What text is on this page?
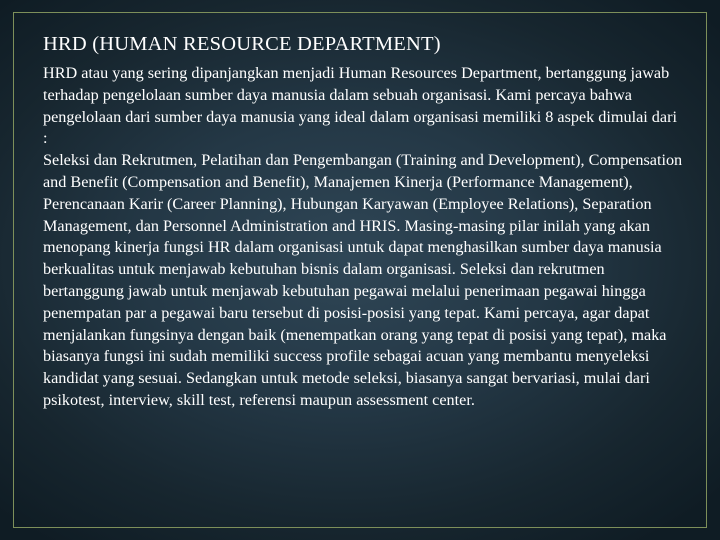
HRD (HUMAN RESOURCE DEPARTMENT)

HRD atau yang sering dipanjangkan menjadi Human Resources Department, bertanggung jawab terhadap pengelolaan sumber daya manusia dalam sebuah organisasi. Kami percaya bahwa pengelolaan dari sumber daya manusia yang ideal dalam organisasi memiliki 8 aspek dimulai dari :

Seleksi dan Rekrutmen, Pelatihan dan Pengembangan (Training and Development), Compensation and Benefit (Compensation and Benefit), Manajemen Kinerja (Performance Management), Perencanaan Karir (Career Planning), Hubungan Karyawan (Employee Relations), Separation Management, dan Personnel Administration and HRIS. Masing-masing pilar inilah yang akan menopang kinerja fungsi HR dalam organisasi untuk dapat menghasilkan sumber daya manusia berkualitas untuk menjawab kebutuhan bisnis dalam organisasi. Seleksi dan rekrutmen bertanggung jawab untuk menjawab kebutuhan pegawai melalui penerimaan pegawai hingga penempatan par a pegawai baru tersebut di posisi-posisi yang tepat. Kami percaya, agar dapat menjalankan fungsinya dengan baik (menempatkan orang yang tepat di posisi yang tepat), maka biasanya fungsi ini sudah memiliki success profile sebagai acuan yang membantu menyeleksi kandidat yang sesuai. Sedangkan untuk metode seleksi, biasanya sangat bervariasi, mulai dari psikotest, interview, skill test, referensi maupun assessment center.
